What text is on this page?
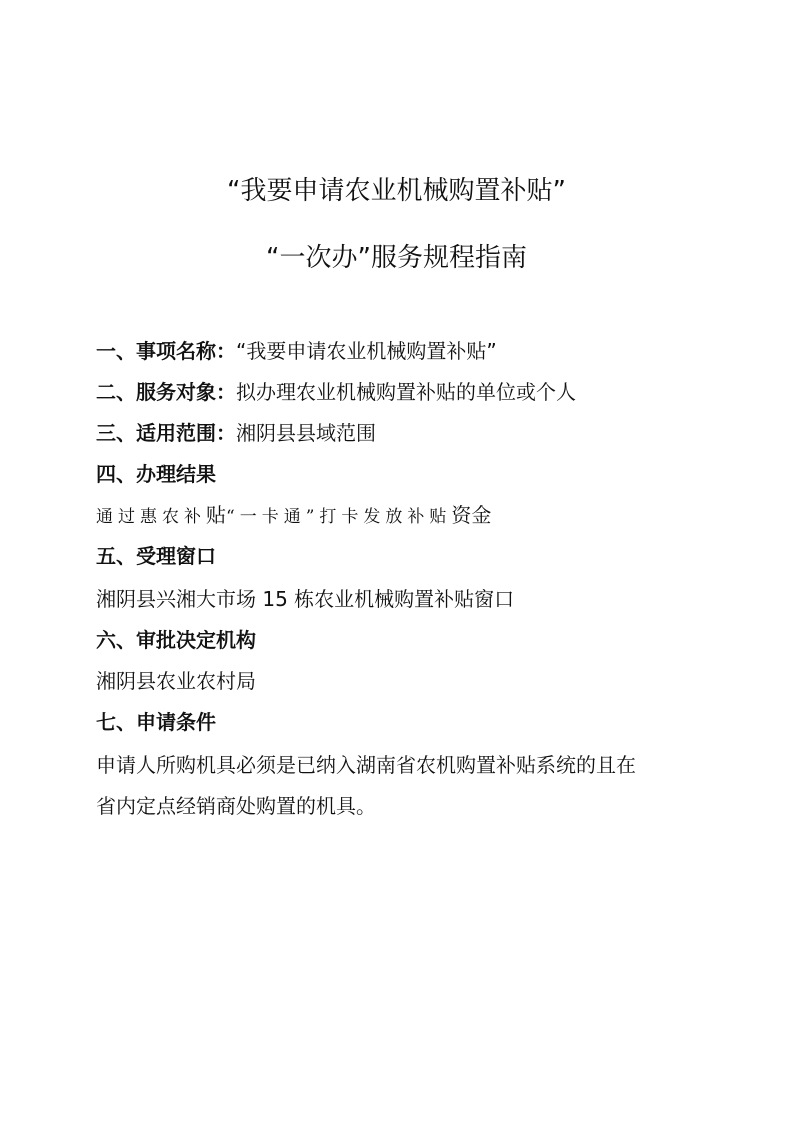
“我要申请农业机械购置补贴”
“一次办”服务规程指南
一、事项名称：“我要申请农业机械购置补贴”
二、服务对象：拟办理农业机械购置补贴的单位或个人
三、适用范围：湘阴县县域范围
四、办理结果
通过惠农补贴“一卡通”打卡发放补贴资金
五、受理窗口
湘阴县兴湘大市场 15 栋农业机械购置补贴窗口
六、审批决定机构
湘阴县农业农村局
七、申请条件
申请人所购机具必须是已纳入湖南省农机购置补贴系统的且在
省内定点经销商处购置的机具。
